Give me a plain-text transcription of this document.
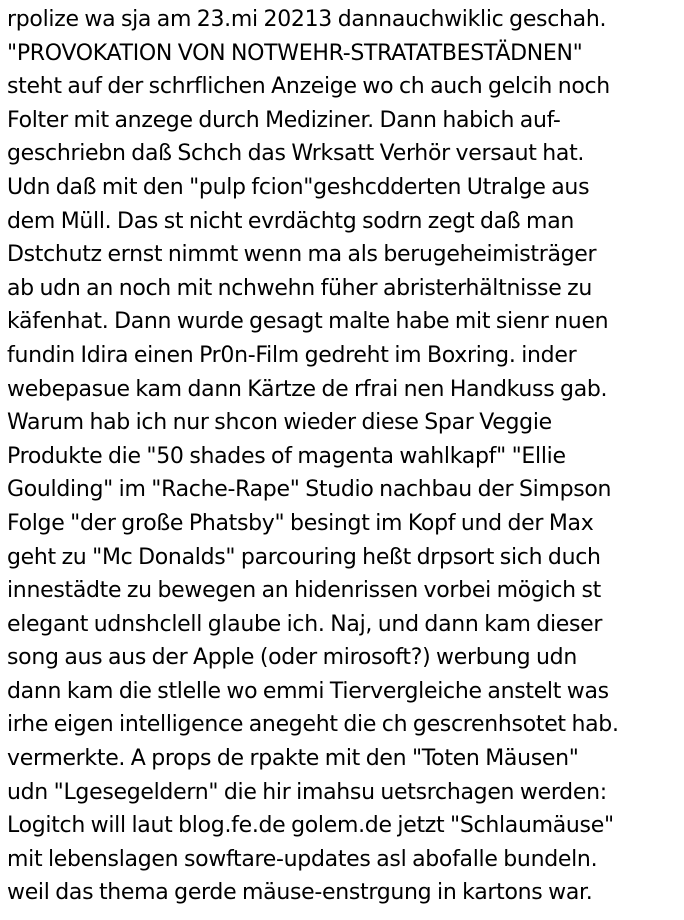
rpolize wa sja am 23.mi 20213 dannauchwiklic geschah.
"PROVOKATION VON NOTWEHR-STRATATBESTÄDNEN"
steht auf der schrflichen Anzeige wo ch auch gelcih noch
Folter mit anzege durch Mediziner. Dann habich auf-
geschriebn daß Schch das Wrksatt Verhör versaut hat.
Udn daß mit den "pulp fcion"geshcdderten Utralge aus
dem Müll. Das st nicht evrdächtg sodrn zegt daß man
Dstchutz ernst nimmt wenn ma als berugeheimisträger
ab udn an noch mit nchwehn füher abristerhältnisse zu
käfenhat. Dann wurde gesagt malte habe mit sienr nuen
fundin Idira einen Pr0n-Film gedreht im Boxring. inder
webepasue kam dann Kärtze de rfrai nen Handkuss gab.
Warum hab ich nur shcon wieder diese Spar Veggie
Produkte die "50 shades of magenta wahlkapf" "Ellie
Goulding" im "Rache-Rape" Studio nachbau der Simpson
Folge "der große Phatsby" besingt im Kopf und der Max
geht zu "Mc Donalds" parcouring heßt drpsort sich duch
innestädte zu bewegen an hidenrissen vorbei mögich st
elegant udnshclell glaube ich. Naj, und dann kam dieser
song aus aus der Apple (oder mirosoft?) werbung udn
dann kam die stlelle wo emmi Tiervergleiche anstelt was
irhe eigen intelligence anegeht die ch gescrenhsotet hab.
vermerkte. A props de rpakte mit den "Toten Mäusen"
udn "Lgesegeldern" die hir imahsu uetsrchagen werden:
Logitch will laut blog.fe.de golem.de jetzt "Schlaumäuse"
mit lebenslagen sowftare-updates asl abofalle bundeln.
weil das thema gerde mäuse-enstrgung in kartons war.
